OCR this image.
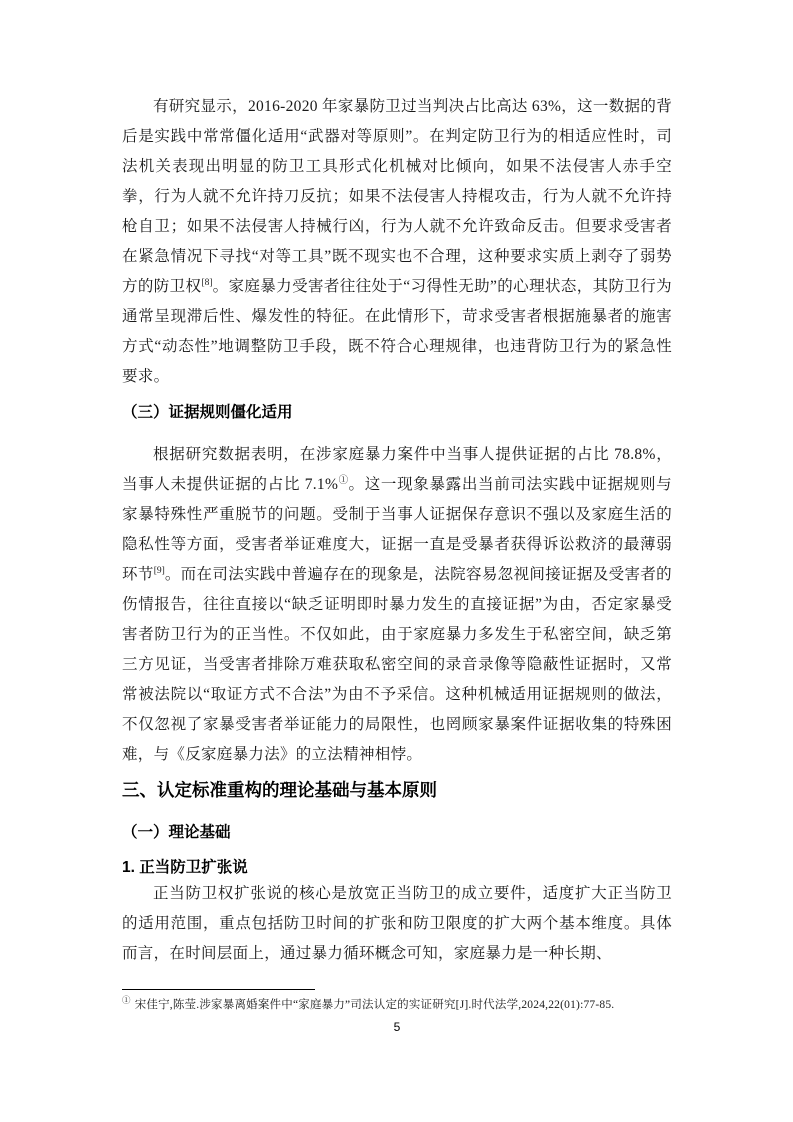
有研究显示，2016-2020 年家暴防卫过当判决占比高达 63%，这一数据的背后是实践中常常僵化适用“武器对等原则”。在判定防卫行为的相适应性时，司法机关表现出明显的防卫工具形式化机械对比倾向，如果不法侵害人赤手空拳，行为人就不允许持刀反抗；如果不法侵害人持棍攻击，行为人就不允许持枪自卫；如果不法侵害人持械行凶，行为人就不允许致命反击。但要求受害者在紧急情况下寻找“对等工具”既不现实也不合理，这种要求实质上剥夺了弱势方的防卫权[8]。家庭暴力受害者往往处于“习得性无助”的心理状态，其防卫行为通常呈现滞后性、爆发性的特征。在此情形下，苛求受害者根据施暴者的施害方式“动态性”地调整防卫手段，既不符合心理规律，也违背防卫行为的紧急性要求。

（三）证据规则僵化适用

根据研究数据表明，在涉家庭暴力案件中当事人提供证据的占比 78.8%，当事人未提供证据的占比 7.1%①。这一现象暴露出当前司法实践中证据规则与家暴特殊性严重脱节的问题。受制于当事人证据保存意识不强以及家庭生活的隐私性等方面，受害者举证难度大，证据一直是受暴者获得诉讼救济的最薄弱环节[9]。而在司法实践中普遍存在的现象是，法院容易忽视间接证据及受害者的伤情报告，往往直接以“缺乏证明即时暴力发生的直接证据”为由，否定家暴受害者防卫行为的正当性。不仅如此，由于家庭暴力多发生于私密空间，缺乏第三方见证，当受害者排除万难获取私密空间的录音录像等隐蔽性证据时，又常常被法院以“取证方式不合法”为由不予采信。这种机械适用证据规则的做法，不仅忽视了家暴受害者举证能力的局限性，也罔顾家暴案件证据收集的特殊困难，与《反家庭暴力法》的立法精神相悖。

三、认定标准重构的理论基础与基本原则
（一）理论基础
1. 正当防卫扩张说

正当防卫权扩张说的核心是放宽正当防卫的成立要件，适度扩大正当防卫的适用范围，重点包括防卫时间的扩张和防卫限度的扩大两个基本维度。具体而言，在时间层面上，通过暴力循环概念可知，家庭暴力是一种长期、

① 宋佳宁,陈莹.涉家暴离婚案件中“家庭暴力”司法认定的实证研究[J].时代法学,2024,22(01):77-85.
5
